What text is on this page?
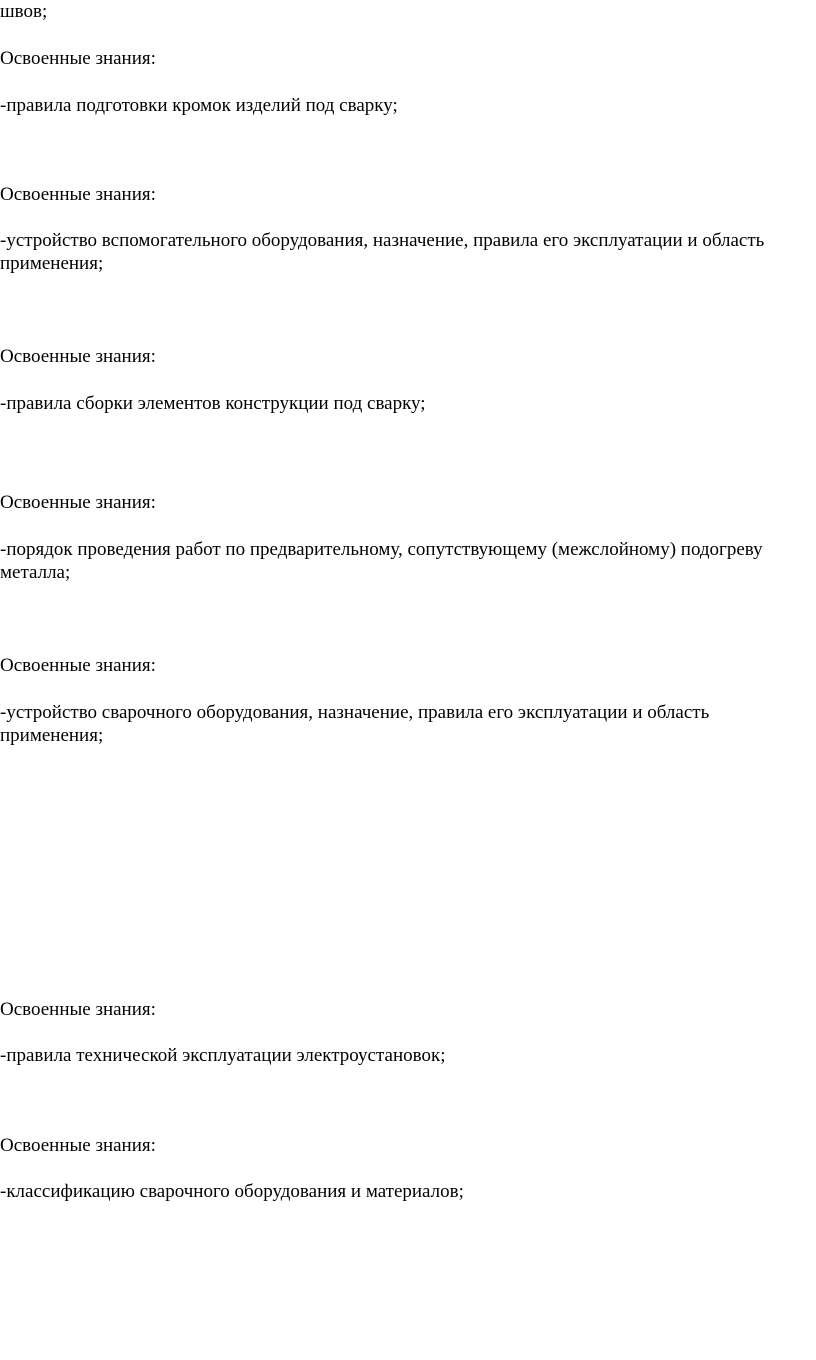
швов;

Освоенные знания:

-правила подготовки кромок изделий под сварку;

Освоенные знания:

-устройство вспомогательного оборудования, назначение, правила его эксплуатации и область применения;

Освоенные знания:

-правила сборки элементов конструкции под сварку;

Освоенные знания:

-порядок проведения работ по предварительному, сопутствующему (межслойному) подогреву металла;

Освоенные знания:

-устройство сварочного оборудования, назначение, правила его эксплуатации и область применения;

Освоенные знания:

-правила технической эксплуатации электроустановок;

Освоенные знания:

-классификацию сварочного оборудования и материалов;
